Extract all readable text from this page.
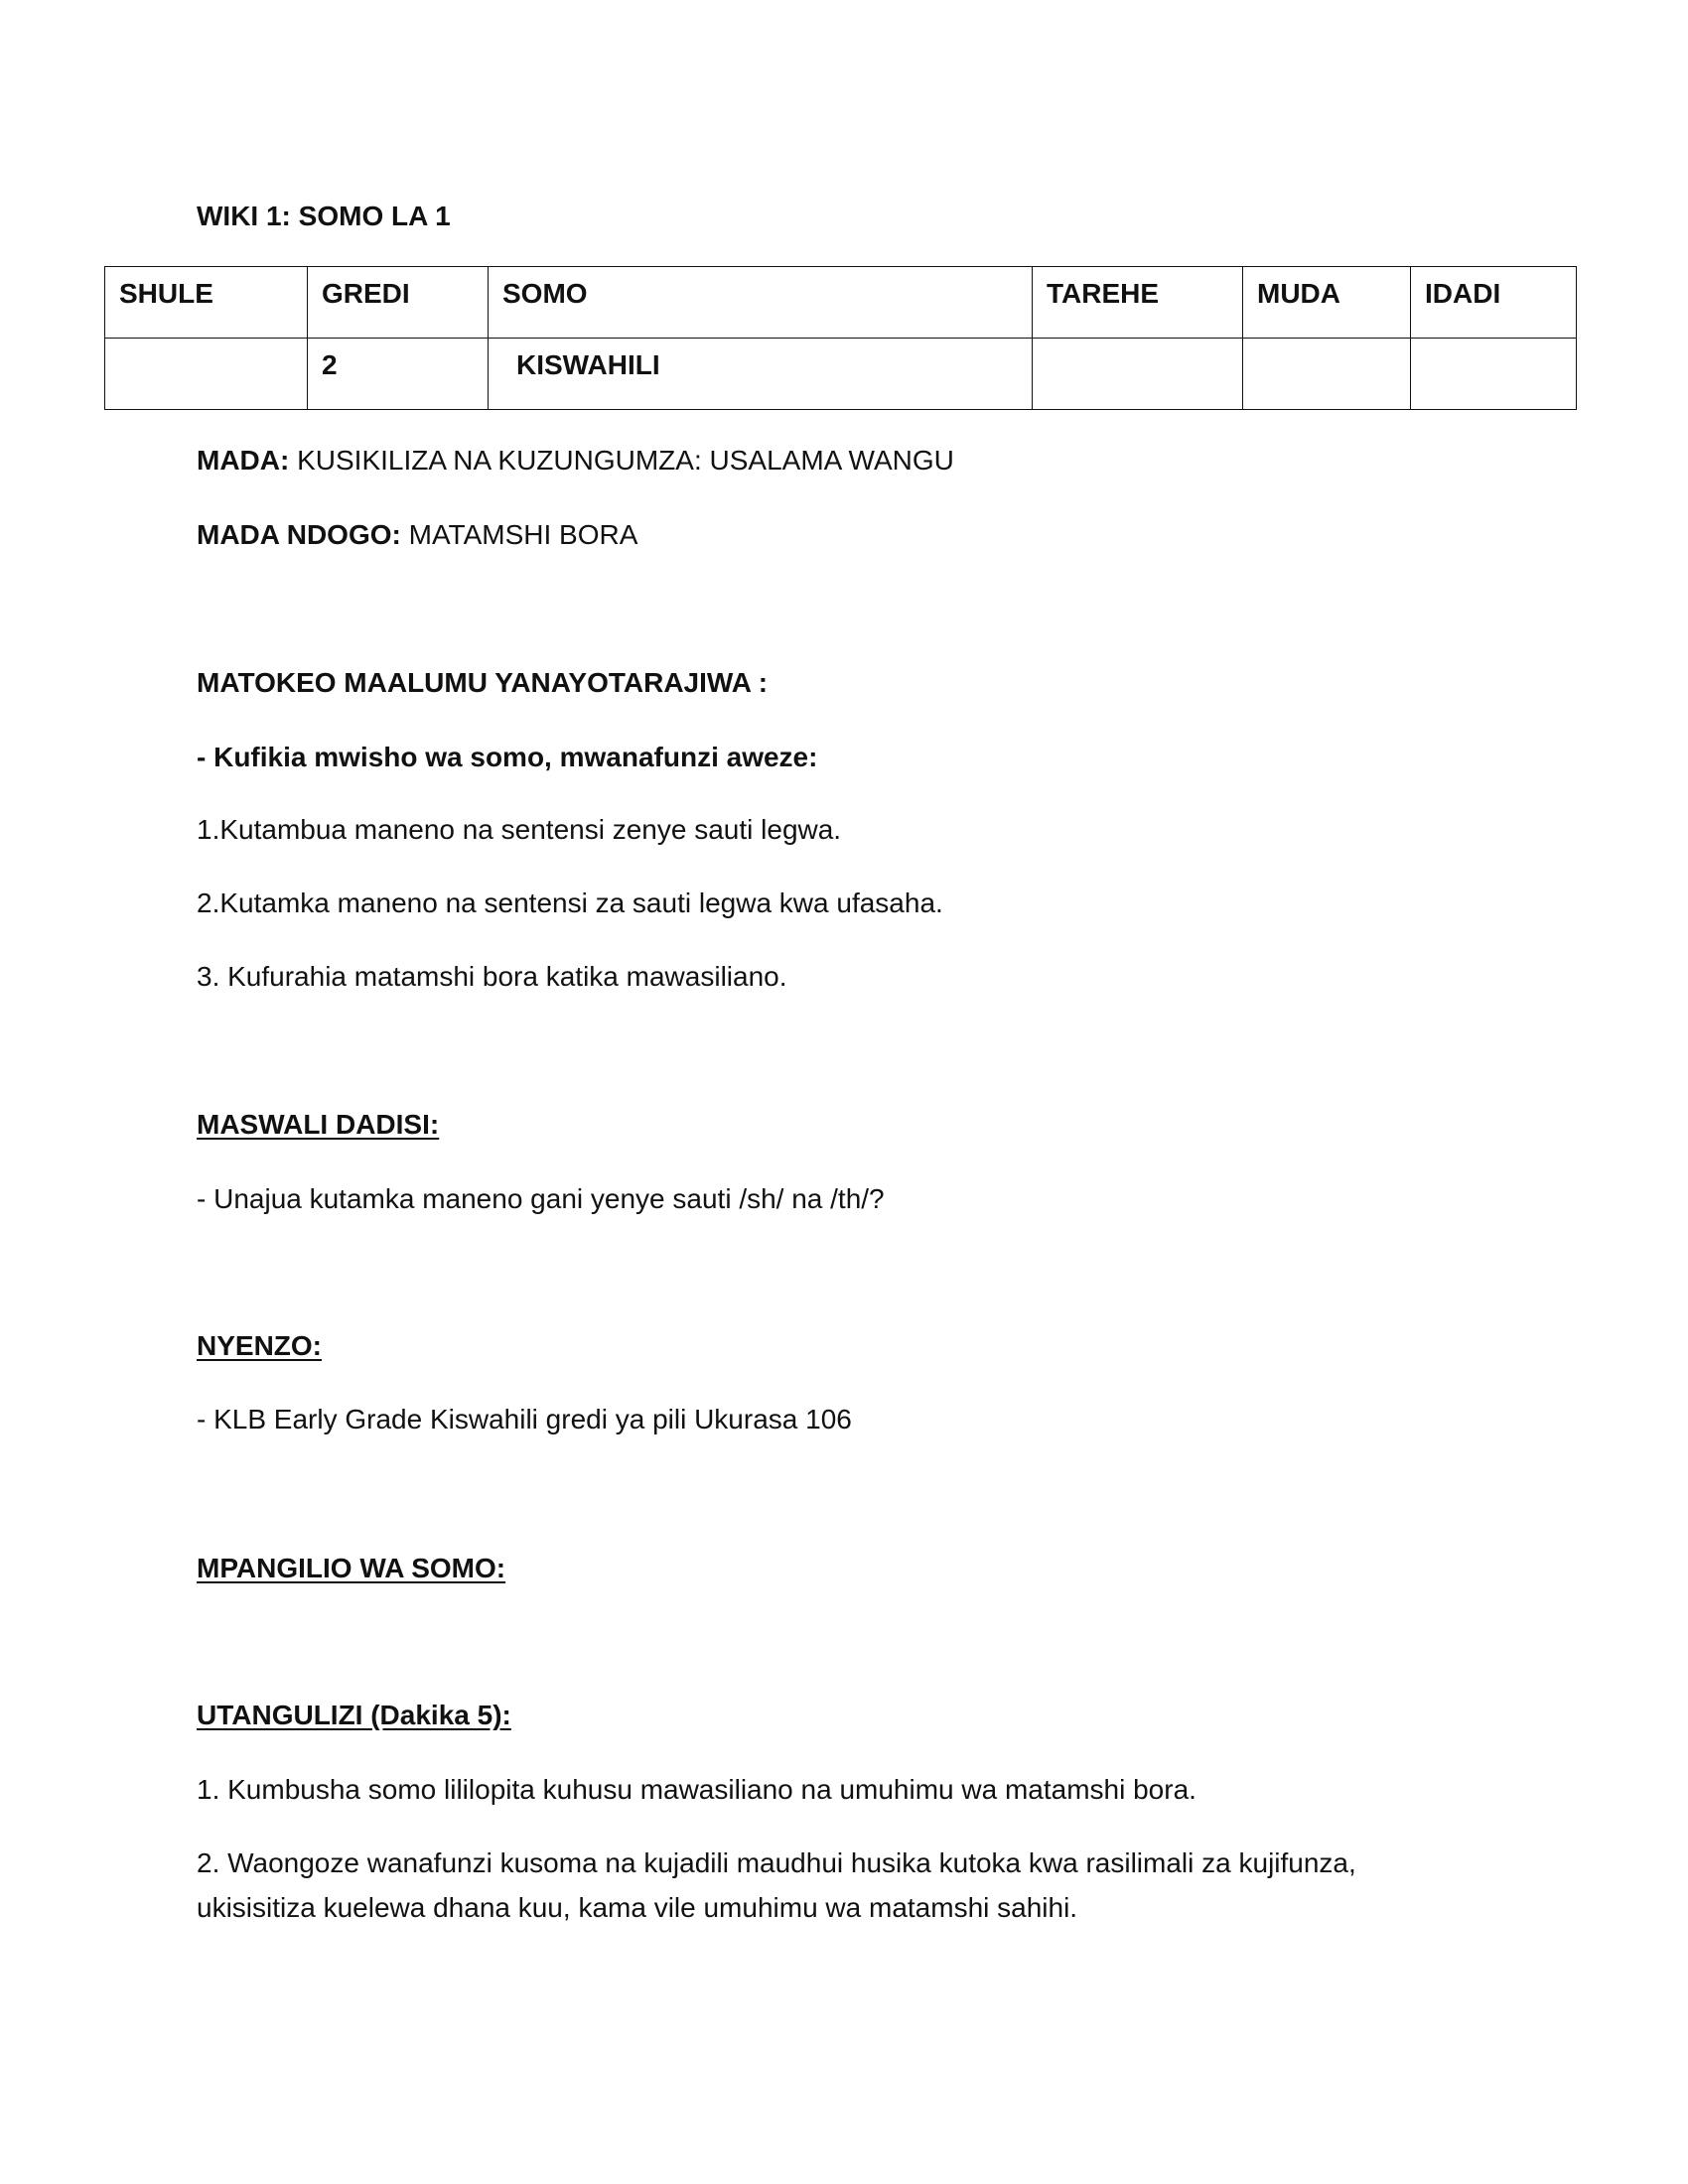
WIKI 1: SOMO LA 1
SHULE	GREDI	SOMO	TAREHE	MUDA	IDADI
	2	KISWAHILI			
MADA: KUSIKILIZA NA KUZUNGUMZA: USALAMA WANGU
MADA NDOGO: MATAMSHI BORA
MATOKEO MAALUMU YANAYOTARAJIWA :
- Kufikia mwisho wa somo, mwanafunzi aweze:
1.Kutambua maneno na sentensi zenye sauti legwa.
2.Kutamka maneno na sentensi za sauti legwa kwa ufasaha.
3. Kufurahia matamshi bora katika mawasiliano.
MASWALI DADISI:
- Unajua kutamka maneno gani yenye sauti /sh/ na /th/?
NYENZO:
- KLB Early Grade Kiswahili gredi ya pili Ukurasa 106
MPANGILIO WA SOMO:
UTANGULIZI (Dakika 5):
1. Kumbusha somo lililopita kuhusu mawasiliano na umuhimu wa matamshi bora.
2. Waongoze wanafunzi kusoma na kujadili maudhui husika kutoka kwa rasilimali za kujifunza,
ukisisitiza kuelewa dhana kuu, kama vile umuhimu wa matamshi sahihi.
